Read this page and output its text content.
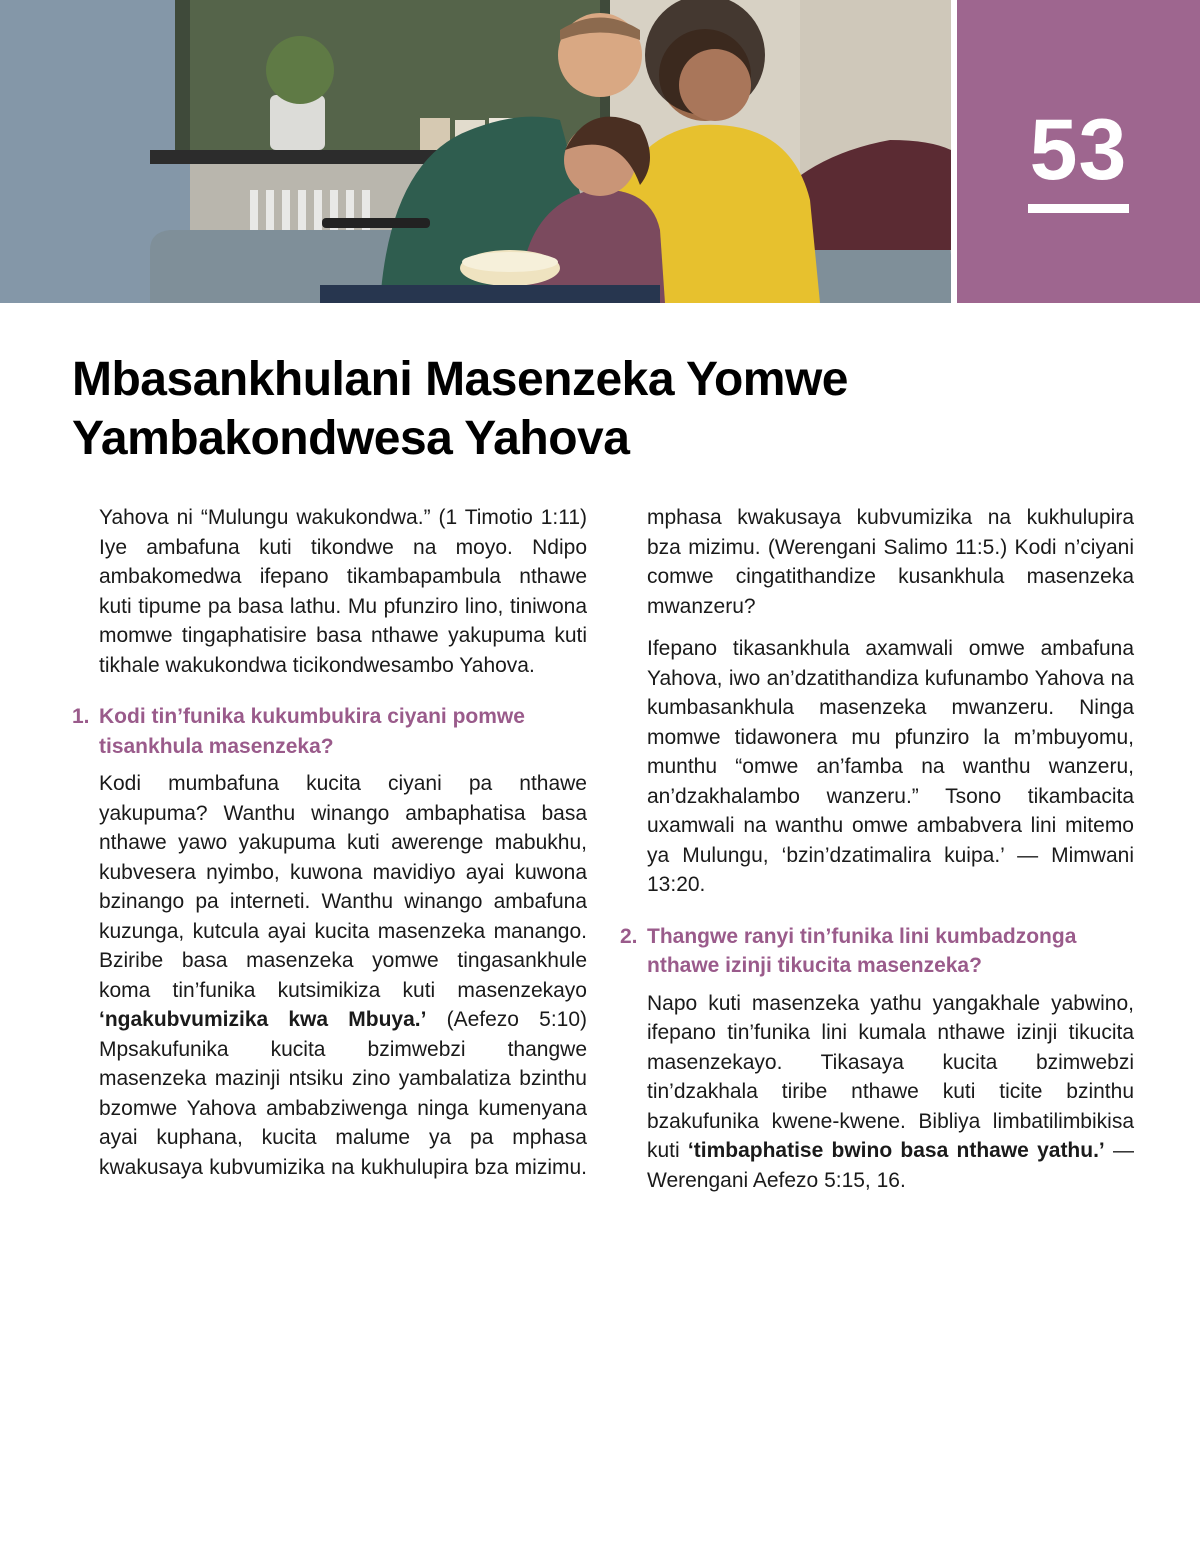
53
Mbasankhulani Masenzeka Yomwe Yambakondwesa Yahova

Yahova ni “Mulungu wakukondwa.” (1 Timotio 1:11) Iye ambafuna kuti tikondwe na moyo. Ndipo ambakomedwa ifepano tikambapambula nthawe kuti tipume pa basa lathu. Mu pfunziro lino, tiniwona momwe tingaphatisire basa nthawe yakupuma kuti tikhale wakukondwa ticikondwesambo Yahova.

1. Kodi tin’funika kukumbukira ciyani pomwe tisankhula masenzeka?

Kodi mumbafuna kucita ciyani pa nthawe yakupuma? Wanthu winango ambaphatisa basa nthawe yawo yakupuma kuti awerenge mabukhu, kubvesera nyimbo, kuwona mavidiyo ayai kuwona bzinango pa interneti. Wanthu winango ambafuna kuzunga, kutcula ayai kucita masenzeka manango. Bziribe basa masenzeka yomwe tingasankhule koma tin’funika kutsimikiza kuti masenzekayo ‘ngakubvumizika kwa Mbuya.’ (Aefezo 5:10) Mpsakufunika kucita bzimwebzi thangwe masenzeka mazinji ntsiku zino yambalatiza bzinthu bzomwe Yahova ambabziwenga ninga kumenyana ayai kuphana, kucita malume ya pa mphasa kwakusaya kubvumizika na kukhulupira bza mizimu.

mphasa kwakusaya kubvumizika na kukhulupira bza mizimu. (Werengani Salimo 11:5.) Kodi n’ciyani comwe cingatithandize kusankhula masenzeka mwanzeru?

Ifepano tikasankhula axamwali omwe ambafuna Yahova, iwo an’dzatithandiza kufunambo Yahova na kumbasankhula masenzeka mwanzeru. Ninga momwe tidawonera mu pfunziro la m’mbuyomu, munthu “omwe an’famba na wanthu wanzeru, an’dzakhalambo wanzeru.” Tsono tikambacita uxamwali na wanthu omwe ambabvera lini mitemo ya Mulungu, ‘bzin’dzatimalira kuipa.’ — Mimwani 13:20.

2. Thangwe ranyi tin’funika lini kumbadzonga nthawe izinji tikucita masenzeka?

Napo kuti masenzeka yathu yangakhale yabwino, ifepano tin’funika lini kumala nthawe izinji tikucita masenzekayo. Tikasaya kucita bzimwebzi tin’dzakhala tiribe nthawe kuti ticite bzinthu bzakufunika kwene-kwene. Bibliya limbatilimbikisa kuti ‘timbaphatise bwino basa nthawe yathu.’ — Werengani Aefezo 5:15, 16.
